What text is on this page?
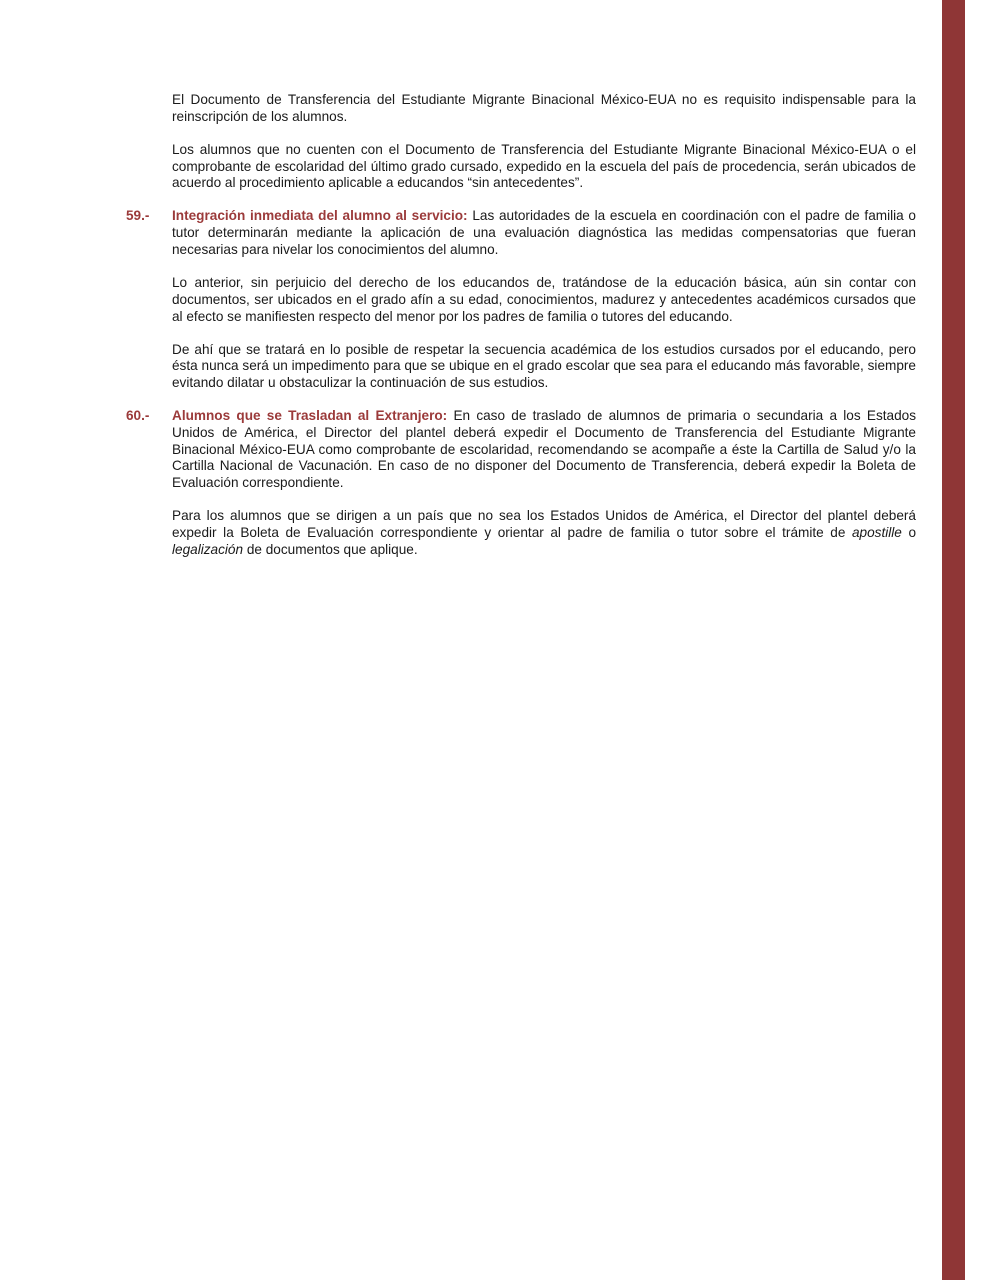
El Documento de Transferencia del Estudiante Migrante Binacional México-EUA no es requisito indispensable para la reinscripción de los alumnos.

Los alumnos que no cuenten con el Documento de Transferencia del Estudiante Migrante Binacional México-EUA o el comprobante de escolaridad del último grado cursado, expedido en la escuela del país de procedencia, serán ubicados de acuerdo al procedimiento aplicable a educandos “sin antecedentes”.

59.- Integración inmediata del alumno al servicio: Las autoridades de la escuela en coordinación con el padre de familia o tutor determinarán mediante la aplicación de una evaluación diagnóstica las medidas compensatorias que fueran necesarias para nivelar los conocimientos del alumno.

Lo anterior, sin perjuicio del derecho de los educandos de, tratándose de la educación básica, aún sin contar con documentos, ser ubicados en el grado afín a su edad, conocimientos, madurez y antecedentes académicos cursados que al efecto se manifiesten respecto del menor por los padres de familia o tutores del educando.

De ahí que se tratará en lo posible de respetar la secuencia académica de los estudios cursados por el educando, pero ésta nunca será un impedimento para que se ubique en el grado escolar que sea para el educando más favorable, siempre evitando dilatar u obstaculizar la continuación de sus estudios.

60.- Alumnos que se Trasladan al Extranjero: En caso de traslado de alumnos de primaria o secundaria a los Estados Unidos de América, el Director del plantel deberá expedir el Documento de Transferencia del Estudiante Migrante Binacional México-EUA como comprobante de escolaridad, recomendando se acompañe a éste la Cartilla de Salud y/o la Cartilla Nacional de Vacunación. En caso de no disponer del Documento de Transferencia, deberá expedir la Boleta de Evaluación correspondiente.

Para los alumnos que se dirigen a un país que no sea los Estados Unidos de América, el Director del plantel deberá expedir la Boleta de Evaluación correspondiente y orientar al padre de familia o tutor sobre el trámite de apostille o legalización de documentos que aplique.
